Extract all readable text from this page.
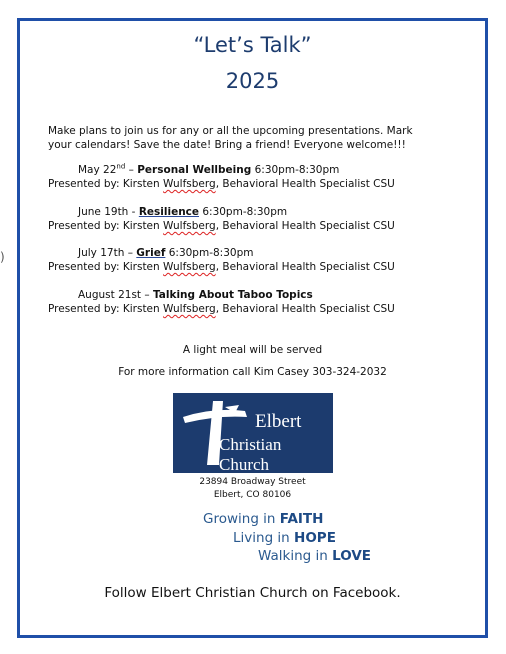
)
“Let’s Talk”
2025
Make plans to join us for any or all the upcoming presentations. Mark
your calendars! Save the date! Bring a friend! Everyone welcome!!!
May 22nd – Personal Wellbeing 6:30pm-8:30pm
Presented by: Kirsten Wulfsberg, Behavioral Health Specialist CSU
June 19th - Resilience 6:30pm-8:30pm
Presented by: Kirsten Wulfsberg, Behavioral Health Specialist CSU
July 17th – Grief 6:30pm-8:30pm
Presented by: Kirsten Wulfsberg, Behavioral Health Specialist CSU
August 21st – Talking About Taboo Topics
Presented by: Kirsten Wulfsberg, Behavioral Health Specialist CSU
A light meal will be served
For more information call Kim Casey 303-324-2032
Elbert
Christian Church
23894 Broadway Street
Elbert, CO 80106
Growing in FAITH
Living in HOPE
Walking in LOVE
Follow Elbert Christian Church on Facebook.
